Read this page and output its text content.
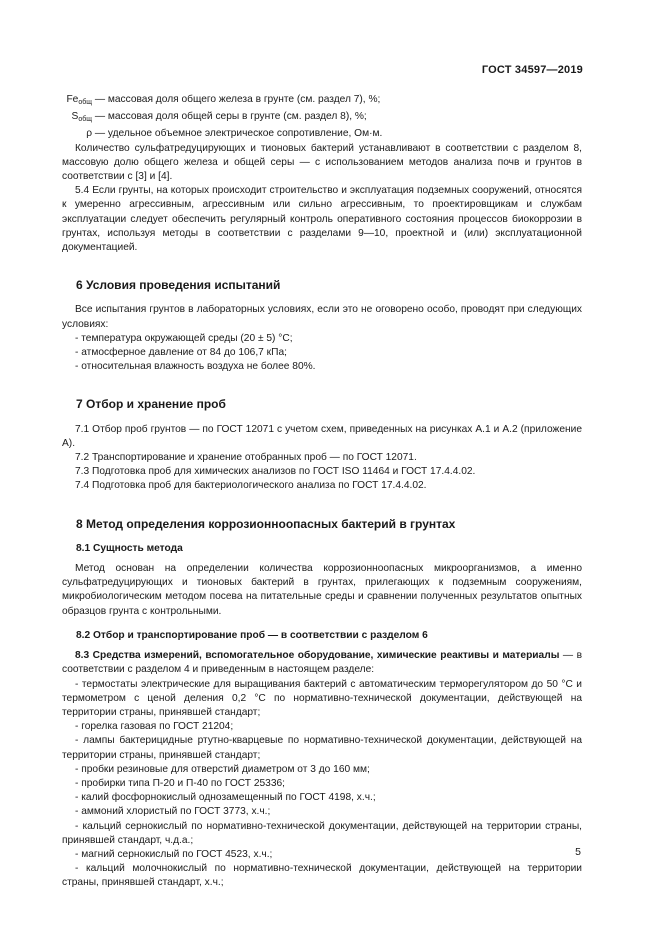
ГОСТ 34597—2019
$Fe_{общ}$ — массовая доля общего железа в грунте (см. раздел 7), %;
$S_{общ}$ — массовая доля общей серы в грунте (см. раздел 8), %;
ρ — удельное объемное электрическое сопротивление, Ом·м.

Количество сульфатредуцирующих и тионовых бактерий устанавливают в соответствии с разделом 8, массовую долю общего железа и общей серы — с использованием методов анализа почв и грунтов в соответствии с [3] и [4].

5.4 Если грунты, на которых происходит строительство и эксплуатация подземных сооружений, относятся к умеренно агрессивным, агрессивным или сильно агрессивным, то проектировщикам и службам эксплуатации следует обеспечить регулярный контроль оперативного состояния процессов биокоррозии в грунтах, используя методы в соответствии с разделами 9—10, проектной и (или) эксплуатационной документацией.

6 Условия проведения испытаний

Все испытания грунтов в лабораторных условиях, если это не оговорено особо, проводят при следующих условиях:

- температура окружающей среды (20 ± 5) °C;
- атмосферное давление от 84 до 106,7 кПа;
- относительная влажность воздуха не более 80%.
7 Отбор и хранение проб

7.1 Отбор проб грунтов — по ГОСТ 12071 с учетом схем, приведенных на рисунках А.1 и А.2 (приложение А).

7.2 Транспортирование и хранение отобранных проб — по ГОСТ 12071.

7.3 Подготовка проб для химических анализов по ГОСТ ISO 11464 и ГОСТ 17.4.4.02.

7.4 Подготовка проб для бактериологического анализа по ГОСТ 17.4.4.02.

8 Метод определения коррозионноопасных бактерий в грунтах
8.1 Сущность метода

Метод основан на определении количества коррозионноопасных микроорганизмов, а именно сульфатредуцирующих и тионовых бактерий в грунтах, прилегающих к подземным сооружениям, микробиологическим методом посева на питательные среды и сравнении полученных результатов опытных образцов грунта с контрольными.

8.2 Отбор и транспортирование проб — в соответствии с разделом 6

8.3 Средства измерений, вспомогательное оборудование, химические реактивы и материалы — в соответствии с разделом 4 и приведенным в настоящем разделе:

- термостаты электрические для выращивания бактерий с автоматическим терморегулятором до 50 °C и термометром с ценой деления 0,2 °C по нормативно-технической документации, действующей на территории страны, принявшей стандарт;

- горелка газовая по ГОСТ 21204;

- лампы бактерицидные ртутно-кварцевые по нормативно-технической документации, действующей на территории страны, принявшей стандарт;

- пробки резиновые для отверстий диаметром от 3 до 160 мм;

- пробирки типа П-20 и П-40 по ГОСТ 25336;

- калий фосфорнокислый однозамещенный по ГОСТ 4198, х.ч.;

- аммоний хлористый по ГОСТ 3773, х.ч.;

- кальций сернокислый по нормативно-технической документации, действующей на территории страны, принявшей стандарт, ч.д.а.;

- магний сернокислый по ГОСТ 4523, х.ч.;

- кальций молочнокислый по нормативно-технической документации, действующей на территории страны, принявшей стандарт, х.ч.;

5
